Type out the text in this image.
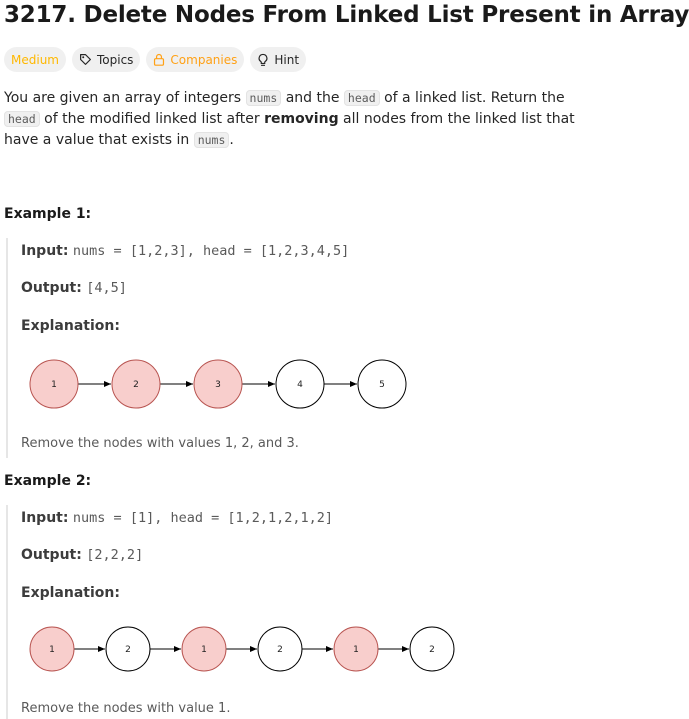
3217. Delete Nodes From Linked List Present in Array
Medium	Topics	Companies	Hint
You are given an array of integers nums and the head of a linked list. Return the head of the modified linked list after removing all nodes from the linked list that have a value that exists in nums .
Example 1:
Input: nums = [1,2,3], head = [1,2,3,4,5]
Output: [4,5]
Explanation:
1	2	3	4	5
Remove the nodes with values 1, 2, and 3.
Example 2:
Input: nums = [1], head = [1,2,1,2,1,2]
Output: [2,2,2]
Explanation:
1	2	1	2	1	2
Remove the nodes with value 1.
